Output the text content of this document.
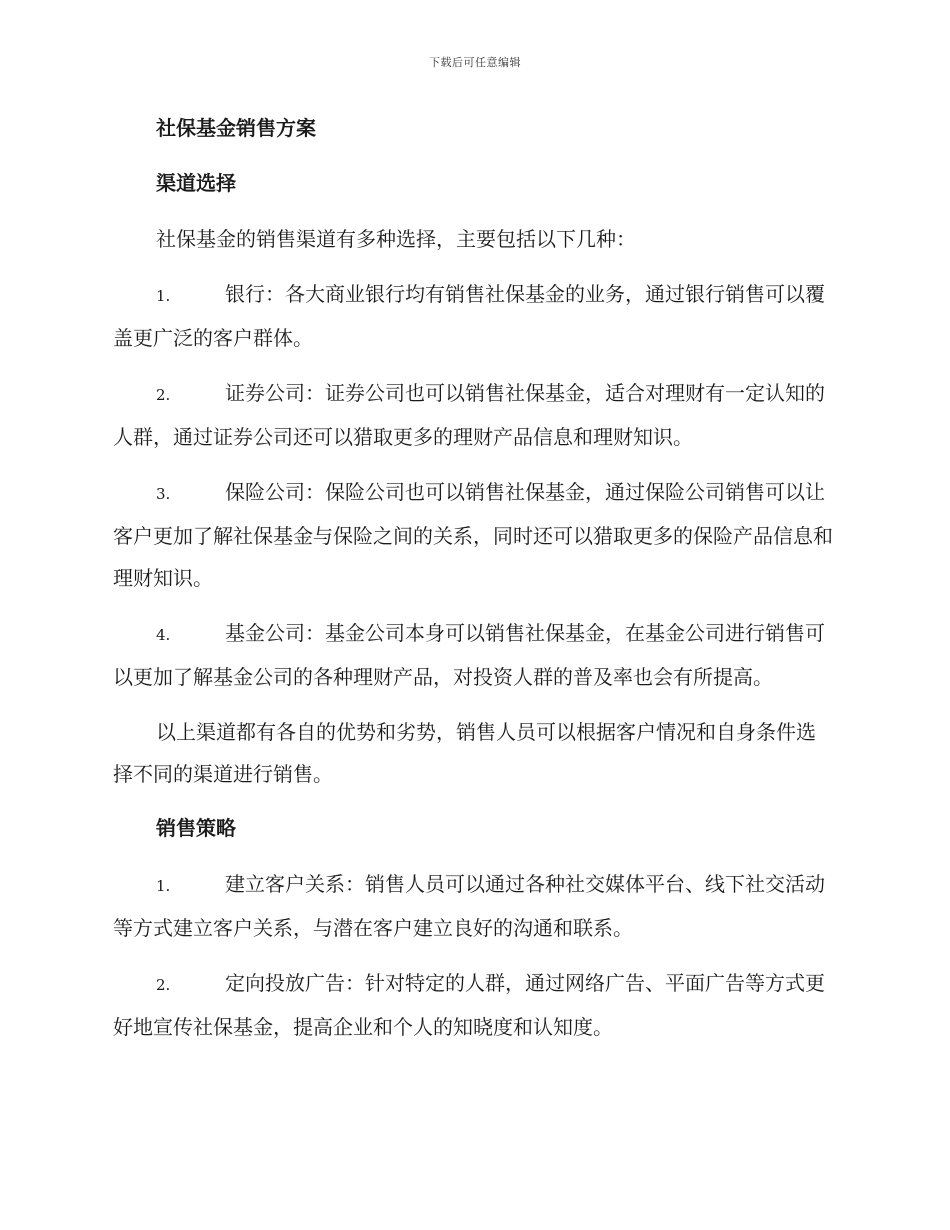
下载后可任意编辑
社保基金销售方案
渠道选择

社保基金的销售渠道有多种选择，主要包括以下几种：

1.	银行：各大商业银行均有销售社保基金的业务，通过银行销售可以覆盖更广泛的客户群体。

2.	证券公司：证券公司也可以销售社保基金，适合对理财有一定认知的人群，通过证券公司还可以猎取更多的理财产品信息和理财知识。

3.	保险公司：保险公司也可以销售社保基金，通过保险公司销售可以让客户更加了解社保基金与保险之间的关系，同时还可以猎取更多的保险产品信息和理财知识。

4.	基金公司：基金公司本身可以销售社保基金，在基金公司进行销售可以更加了解基金公司的各种理财产品，对投资人群的普及率也会有所提高。

以上渠道都有各自的优势和劣势，销售人员可以根据客户情况和自身条件选择不同的渠道进行销售。

销售策略

1.	建立客户关系：销售人员可以通过各种社交媒体平台、线下社交活动等方式建立客户关系，与潜在客户建立良好的沟通和联系。

2.	定向投放广告：针对特定的人群，通过网络广告、平面广告等方式更好地宣传社保基金，提高企业和个人的知晓度和认知度。
